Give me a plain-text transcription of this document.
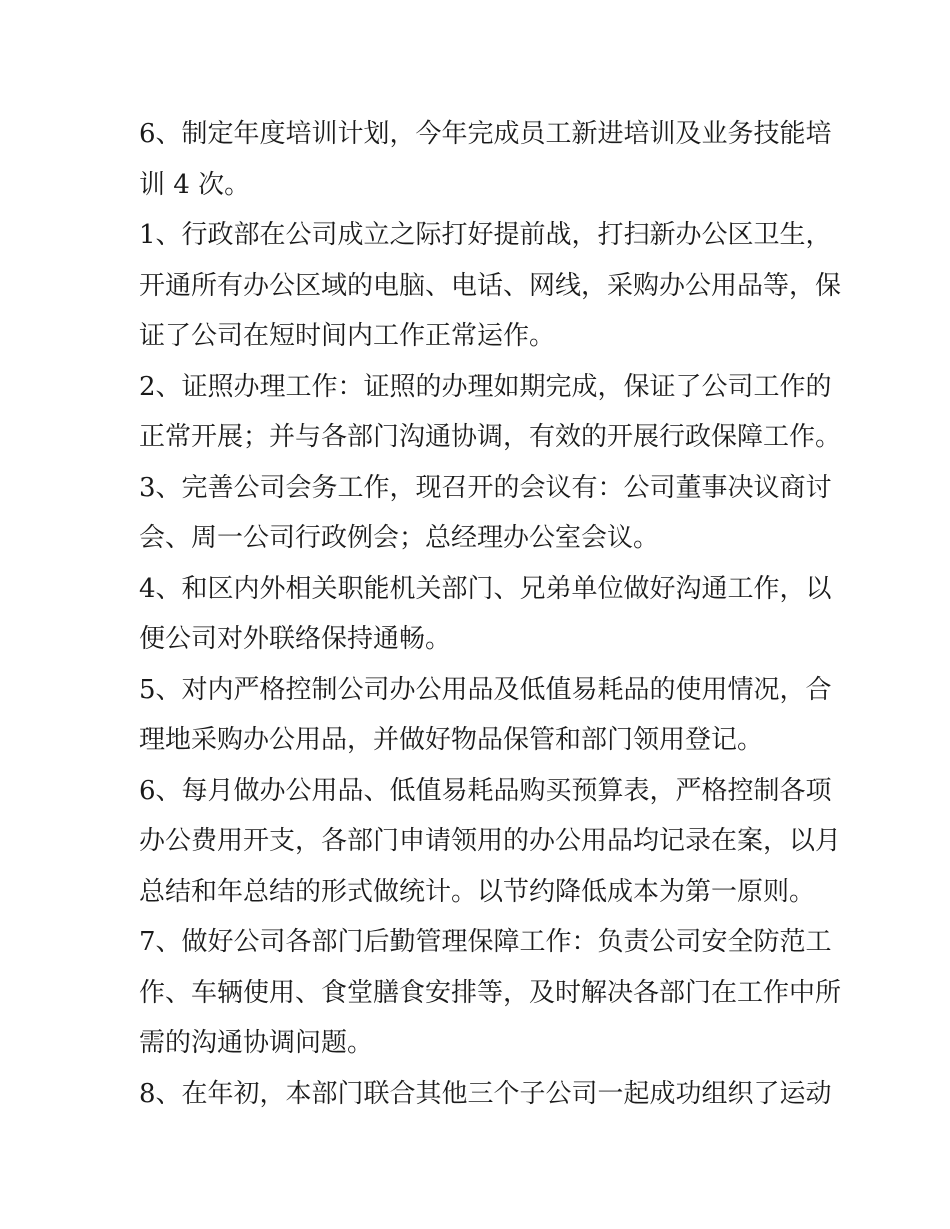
6、制定年度培训计划，今年完成员工新进培训及业务技能培
训 4 次。

1、行政部在公司成立之际打好提前战，打扫新办公区卫生，
开通所有办公区域的电脑、电话、网线，采购办公用品等，保
证了公司在短时间内工作正常运作。

2、证照办理工作：证照的办理如期完成，保证了公司工作的
正常开展；并与各部门沟通协调，有效的开展行政保障工作。

3、完善公司会务工作，现召开的会议有：公司董事决议商讨
会、周一公司行政例会；总经理办公室会议。

4、和区内外相关职能机关部门、兄弟单位做好沟通工作，以
便公司对外联络保持通畅。

5、对内严格控制公司办公用品及低值易耗品的使用情况，合
理地采购办公用品，并做好物品保管和部门领用登记。

6、每月做办公用品、低值易耗品购买预算表，严格控制各项
办公费用开支，各部门申请领用的办公用品均记录在案，以月
总结和年总结的形式做统计。以节约降低成本为第一原则。

7、做好公司各部门后勤管理保障工作：负责公司安全防范工
作、车辆使用、食堂膳食安排等，及时解决各部门在工作中所
需的沟通协调问题。

8、在年初，本部门联合其他三个子公司一起成功组织了运动
